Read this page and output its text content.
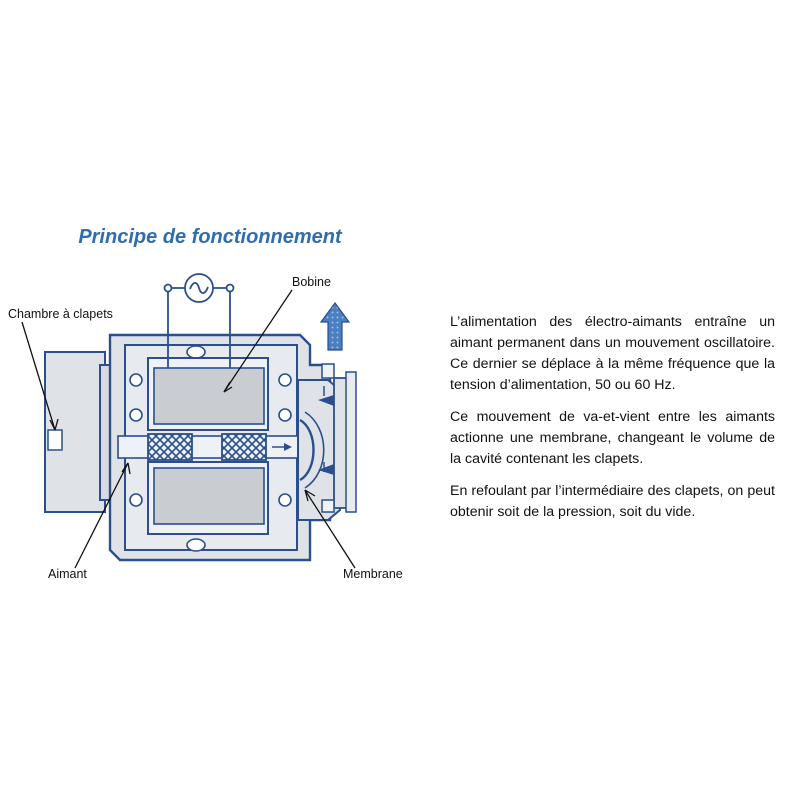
Principe de fonctionnement
Bobine
Chambre à clapets
Aimant	Membrane

L’alimentation des électro-aimants entraîne un aimant permanent dans un mouvement oscillatoire. Ce dernier se déplace à la même fréquence que la tension d’alimentation, 50 ou 60 Hz.

Ce mouvement de va-et-vient entre les aimants actionne une membrane, changeant le volume de la cavité contenant les clapets.

En refoulant par l’intermédiaire des clapets, on peut obtenir soit de la pression, soit du vide.
